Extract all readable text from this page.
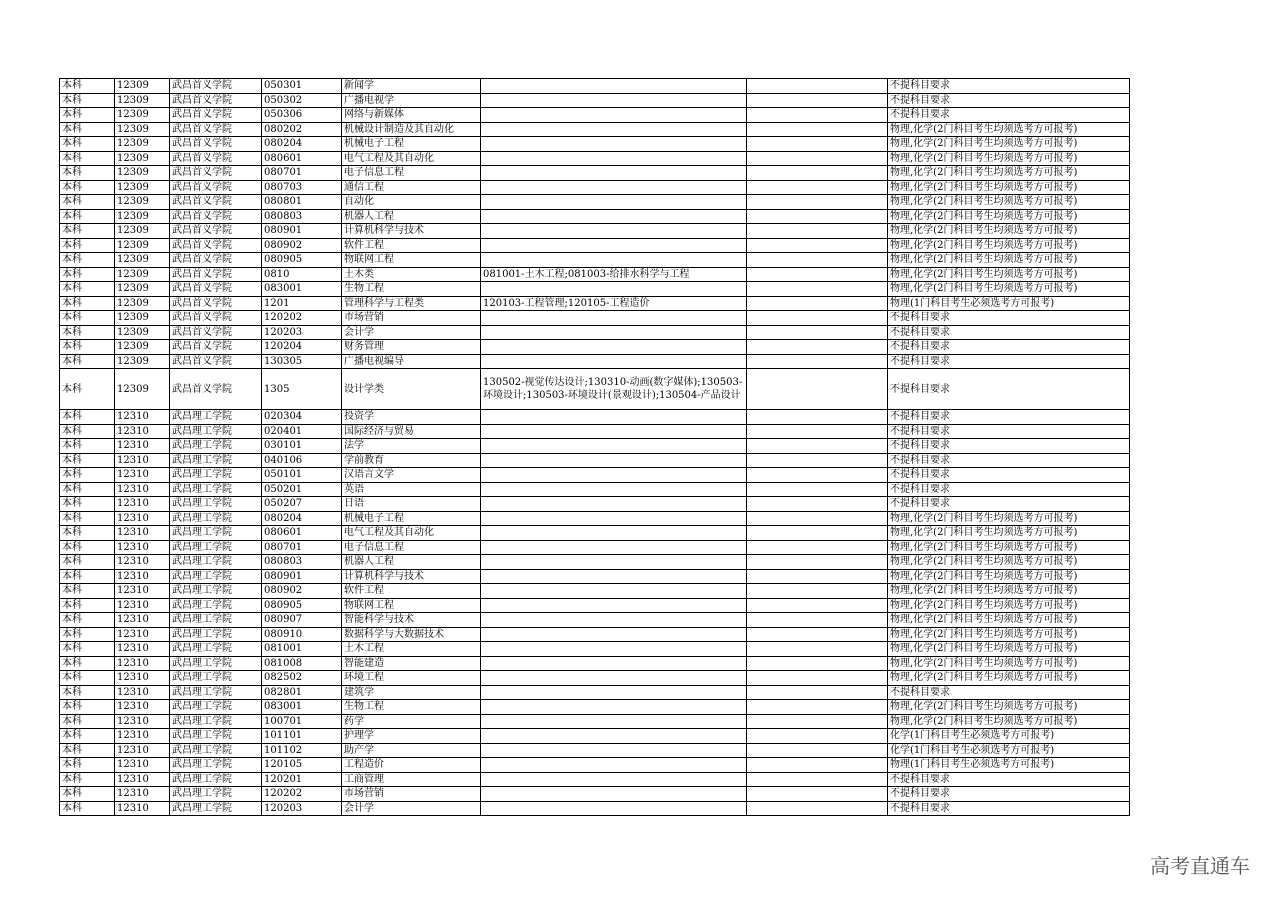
本科	12309	武昌首义学院	050301	新闻学			不提科目要求
本科	12309	武昌首义学院	050302	广播电视学			不提科目要求
本科	12309	武昌首义学院	050306	网络与新媒体			不提科目要求
本科	12309	武昌首义学院	080202	机械设计制造及其自动化			物理,化学(2门科目考生均须选考方可报考)
本科	12309	武昌首义学院	080204	机械电子工程			物理,化学(2门科目考生均须选考方可报考)
本科	12309	武昌首义学院	080601	电气工程及其自动化			物理,化学(2门科目考生均须选考方可报考)
本科	12309	武昌首义学院	080701	电子信息工程			物理,化学(2门科目考生均须选考方可报考)
本科	12309	武昌首义学院	080703	通信工程			物理,化学(2门科目考生均须选考方可报考)
本科	12309	武昌首义学院	080801	自动化			物理,化学(2门科目考生均须选考方可报考)
本科	12309	武昌首义学院	080803	机器人工程			物理,化学(2门科目考生均须选考方可报考)
本科	12309	武昌首义学院	080901	计算机科学与技术			物理,化学(2门科目考生均须选考方可报考)
本科	12309	武昌首义学院	080902	软件工程			物理,化学(2门科目考生均须选考方可报考)
本科	12309	武昌首义学院	080905	物联网工程			物理,化学(2门科目考生均须选考方可报考)
本科	12309	武昌首义学院	0810	土木类	081001-土木工程;081003-给排水科学与工程		物理,化学(2门科目考生均须选考方可报考)
本科	12309	武昌首义学院	083001	生物工程			物理,化学(2门科目考生均须选考方可报考)
本科	12309	武昌首义学院	1201	管理科学与工程类	120103-工程管理;120105-工程造价		物理(1门科目考生必须选考方可报考)
本科	12309	武昌首义学院	120202	市场营销			不提科目要求
本科	12309	武昌首义学院	120203	会计学			不提科目要求
本科	12309	武昌首义学院	120204	财务管理			不提科目要求
本科	12309	武昌首义学院	130305	广播电视编导			不提科目要求
本科	12309	武昌首义学院	1305	设计学类	130502-视觉传达设计;130310-动画(数字媒体);130503-环境设计;130503-环境设计(景观设计);130504-产品设计		不提科目要求
本科	12310	武昌理工学院	020304	投资学			不提科目要求
本科	12310	武昌理工学院	020401	国际经济与贸易			不提科目要求
本科	12310	武昌理工学院	030101	法学			不提科目要求
本科	12310	武昌理工学院	040106	学前教育			不提科目要求
本科	12310	武昌理工学院	050101	汉语言文学			不提科目要求
本科	12310	武昌理工学院	050201	英语			不提科目要求
本科	12310	武昌理工学院	050207	日语			不提科目要求
本科	12310	武昌理工学院	080204	机械电子工程			物理,化学(2门科目考生均须选考方可报考)
本科	12310	武昌理工学院	080601	电气工程及其自动化			物理,化学(2门科目考生均须选考方可报考)
本科	12310	武昌理工学院	080701	电子信息工程			物理,化学(2门科目考生均须选考方可报考)
本科	12310	武昌理工学院	080803	机器人工程			物理,化学(2门科目考生均须选考方可报考)
本科	12310	武昌理工学院	080901	计算机科学与技术			物理,化学(2门科目考生均须选考方可报考)
本科	12310	武昌理工学院	080902	软件工程			物理,化学(2门科目考生均须选考方可报考)
本科	12310	武昌理工学院	080905	物联网工程			物理,化学(2门科目考生均须选考方可报考)
本科	12310	武昌理工学院	080907	智能科学与技术			物理,化学(2门科目考生均须选考方可报考)
本科	12310	武昌理工学院	080910	数据科学与大数据技术			物理,化学(2门科目考生均须选考方可报考)
本科	12310	武昌理工学院	081001	土木工程			物理,化学(2门科目考生均须选考方可报考)
本科	12310	武昌理工学院	081008	智能建造			物理,化学(2门科目考生均须选考方可报考)
本科	12310	武昌理工学院	082502	环境工程			物理,化学(2门科目考生均须选考方可报考)
本科	12310	武昌理工学院	082801	建筑学			不提科目要求
本科	12310	武昌理工学院	083001	生物工程			物理,化学(2门科目考生均须选考方可报考)
本科	12310	武昌理工学院	100701	药学			物理,化学(2门科目考生均须选考方可报考)
本科	12310	武昌理工学院	101101	护理学			化学(1门科目考生必须选考方可报考)
本科	12310	武昌理工学院	101102	助产学			化学(1门科目考生必须选考方可报考)
本科	12310	武昌理工学院	120105	工程造价			物理(1门科目考生必须选考方可报考)
本科	12310	武昌理工学院	120201	工商管理			不提科目要求
本科	12310	武昌理工学院	120202	市场营销			不提科目要求
本科	12310	武昌理工学院	120203	会计学			不提科目要求
高考直通车
